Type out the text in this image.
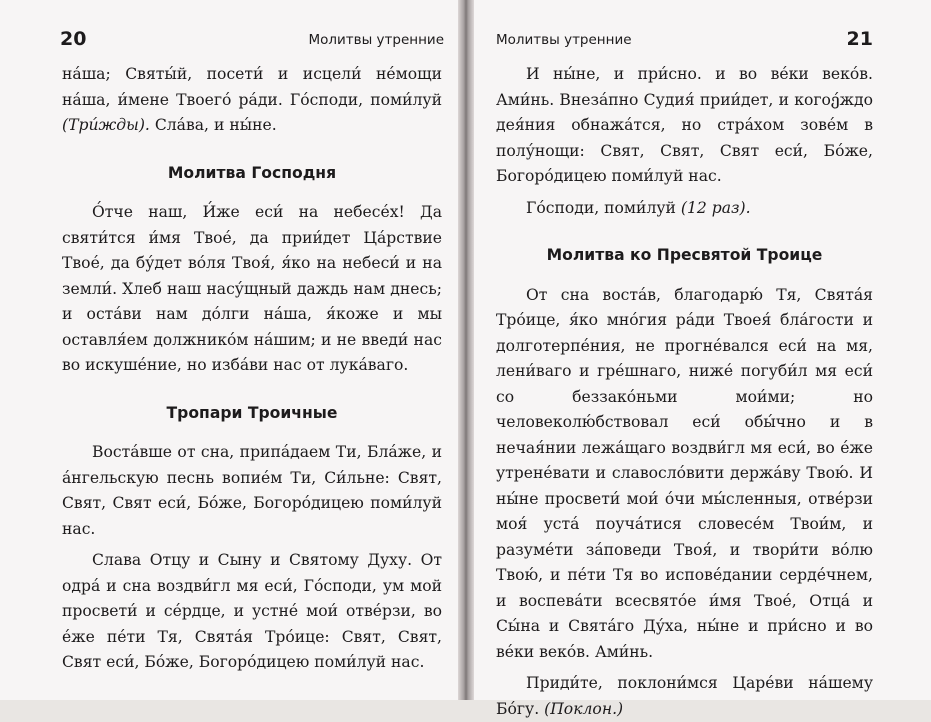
20	Молитвы утренние

на́ша; Святы́й, посети́ и исцели́ не́мощи на́ша, и́мене Твоего́ ра́ди. Го́споди, поми́луй (Три́жды). Сла́ва, и ны́не.

Молитва Господня

О́тче наш, И́же еси́ на небесе́х! Да святи́тся и́мя Твое́, да прии́дет Ца́рствие Твое́, да бу́дет во́ля Твоя́, я́ко на небеси́ и на земли́. Хлеб наш насу́щный даждь нам днесь; и оста́ви нам до́лги на́ша, я́коже и мы оставля́ем должнико́м на́шим; и не введи́ нас во искуше́ние, но изба́ви нас от лука́ваго.

Тропари Троичные

Воста́вше от сна, припа́даем Ти, Бла́же, и а́нгельскую песнь вопие́м Ти, Си́льне: Свят, Свят, Свят еси́, Бо́же, Богоро́дицею поми́луй нас.

Слава Отцу и Сыну и Святому Духу. От одра́ и сна воздви́гл мя еси́, Го́споди, ум мой просвети́ и се́рдце, и устне́ мои́ отве́рзи, во е́же пе́ти Тя, Свята́я Тро́ице: Свят, Свят, Свят еси́, Бо́же, Богоро́дицею поми́луй нас.

Молитвы утренние	21

И ны́не, и при́сно. и во ве́ки веко́в. Ами́нь. Внеза́пно Судия́ прии́дет, и когоე́ждо дея́ния обнажа́тся, но стра́хом зове́м в полу́нощи: Свят, Свят, Свят еси́, Бо́же, Богоро́дицею поми́луй нас.

Го́споди, поми́луй (12 раз).

Молитва ко Пресвятой Троице

От сна воста́в, благодарю́ Тя, Свята́я Тро́ице, я́ко мно́гия ра́ди Твоея́ бла́гости и долготерпе́ния, не прогне́вался еси́ на мя, лени́ваго и гре́шнаго, ниже́ погуби́л мя еси́ со беззако́ньми мои́ми; но человеколю́бствовал еси́ обы́чно и в нечая́нии лежа́щаго воздви́гл мя еси́, во е́же утрене́вати и славосло́вити держа́ву Твою́. И ны́не просвети́ мои́ о́чи мы́сленныя, отве́рзи моя́ уста́ поуча́тися словесе́м Твои́м, и разуме́ти за́поведи Твоя́, и твори́ти во́лю Твою́, и пе́ти Тя во испове́дании серде́чнем, и воспева́ти всесвято́е и́мя Твое́, Отца́ и Сы́на и Свята́го Ду́ха, ны́не и при́сно и во ве́ки веко́в. Ами́нь.

Приди́те, поклони́мся Царе́ви на́шему Бо́гу. (Поклон.)
